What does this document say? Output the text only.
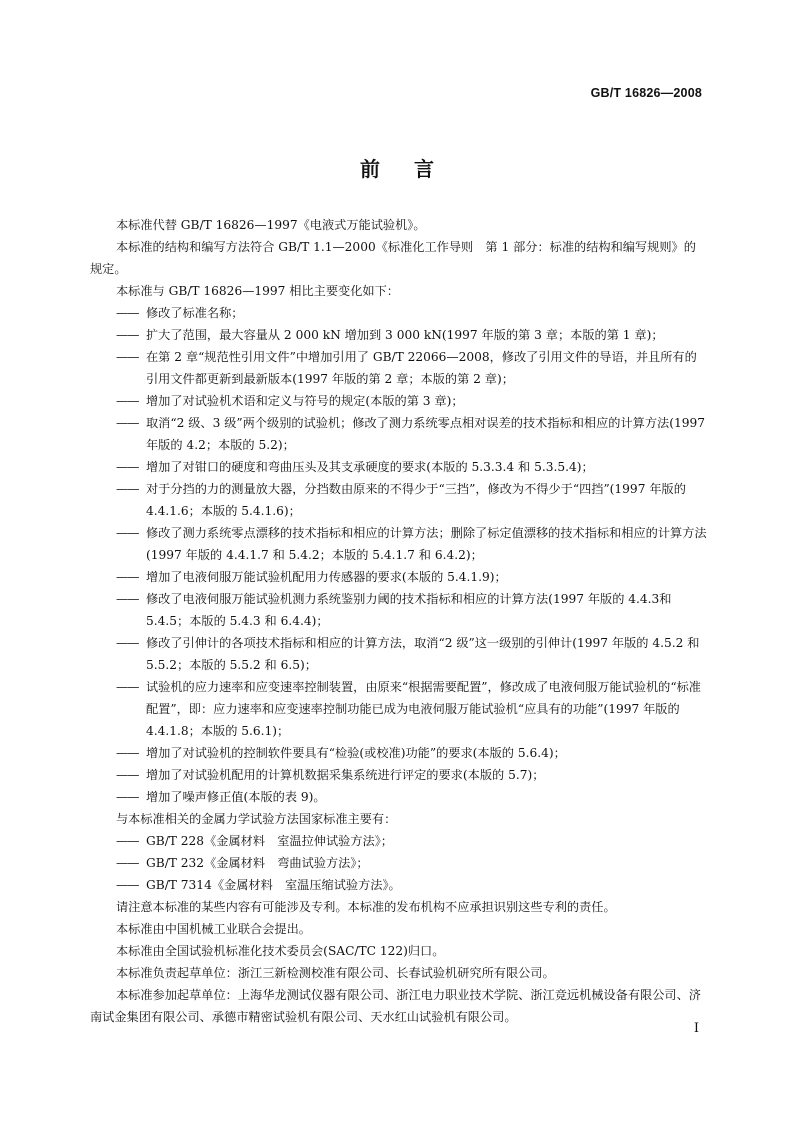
GB/T 16826—2008
前言

本标准代替 GB/T 16826—1997《电液式万能试验机》。

本标准的结构和编写方法符合 GB/T 1.1—2000《标准化工作导则　第 1 部分：标准的结构和编写规则》的规定。

本标准与 GB/T 16826—1997 相比主要变化如下：

—— 修改了标准名称；

—— 扩大了范围，最大容量从 2 000 kN 增加到 3 000 kN(1997 年版的第 3 章；本版的第 1 章)；

—— 在第 2 章“规范性引用文件”中增加引用了 GB/T 22066—2008，修改了引用文件的导语，并且所有的引用文件都更新到最新版本(1997 年版的第 2 章；本版的第 2 章)；

—— 增加了对试验机术语和定义与符号的规定(本版的第 3 章)；

—— 取消“2 级、3 级”两个级别的试验机；修改了测力系统零点相对误差的技术指标和相应的计算方法(1997 年版的 4.2；本版的 5.2)；

—— 增加了对钳口的硬度和弯曲压头及其支承硬度的要求(本版的 5.3.3.4 和 5.3.5.4)；

—— 对于分挡的力的测量放大器，分挡数由原来的不得少于“三挡”，修改为不得少于“四挡”(1997 年版的 4.4.1.6；本版的 5.4.1.6)；

—— 修改了测力系统零点漂移的技术指标和相应的计算方法；删除了标定值漂移的技术指标和相应的计算方法(1997 年版的 4.4.1.7 和 5.4.2；本版的 5.4.1.7 和 6.4.2)；

—— 增加了电液伺服万能试验机配用力传感器的要求(本版的 5.4.1.9)；

—— 修改了电液伺服万能试验机测力系统鉴别力阈的技术指标和相应的计算方法(1997 年版的 4.4.3和 5.4.5；本版的 5.4.3 和 6.4.4)；

—— 修改了引伸计的各项技术指标和相应的计算方法，取消“2 级”这一级别的引伸计(1997 年版的 4.5.2 和 5.5.2；本版的 5.5.2 和 6.5)；

—— 试验机的应力速率和应变速率控制装置，由原来“根据需要配置”，修改成了电液伺服万能试验机的“标准配置”，即：应力速率和应变速率控制功能已成为电液伺服万能试验机“应具有的功能”(1997 年版的 4.4.1.8；本版的 5.6.1)；

—— 增加了对试验机的控制软件要具有“检验(或校准)功能”的要求(本版的 5.6.4)；

—— 增加了对试验机配用的计算机数据采集系统进行评定的要求(本版的 5.7)；

—— 增加了噪声修正值(本版的表 9)。

与本标准相关的金属力学试验方法国家标准主要有：

—— GB/T 228《金属材料　室温拉伸试验方法》；

—— GB/T 232《金属材料　弯曲试验方法》；

—— GB/T 7314《金属材料　室温压缩试验方法》。

请注意本标准的某些内容有可能涉及专利。本标准的发布机构不应承担识别这些专利的责任。

本标准由中国机械工业联合会提出。

本标准由全国试验机标准化技术委员会(SAC/TC 122)归口。

本标准负责起草单位：浙江三新检测校准有限公司、长春试验机研究所有限公司。

本标准参加起草单位：上海华龙测试仪器有限公司、浙江电力职业技术学院、浙江竞远机械设备有限公司、济南试金集团有限公司、承德市精密试验机有限公司、天水红山试验机有限公司。

I
